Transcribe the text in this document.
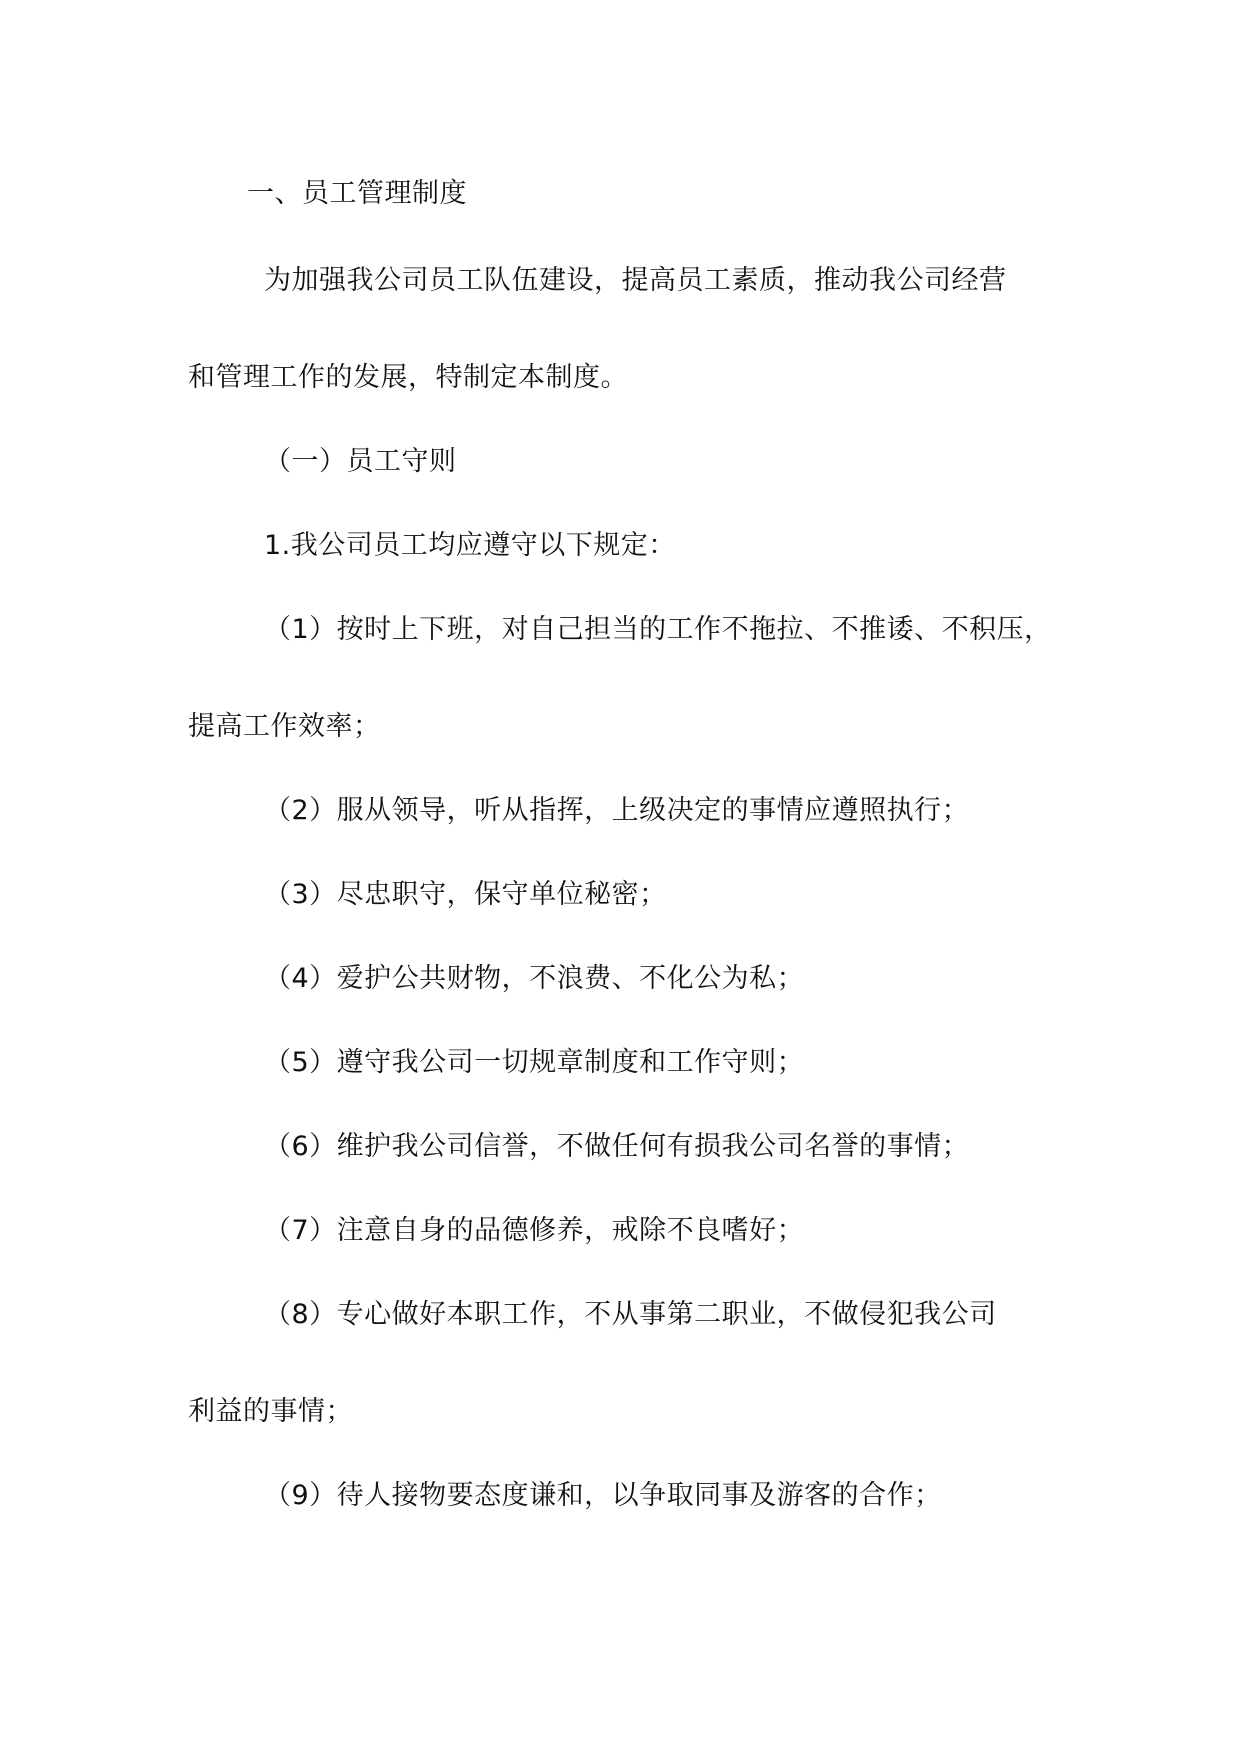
一、员工管理制度
为加强我公司员工队伍建设，提高员工素质，推动我公司经营
和管理工作的发展，特制定本制度。
（一）员工守则
1.我公司员工均应遵守以下规定：
（1）按时上下班，对自己担当的工作不拖拉、不推诿、不积压，
提高工作效率；
（2）服从领导，听从指挥，上级决定的事情应遵照执行；
（3）尽忠职守，保守单位秘密；
（4）爱护公共财物，不浪费、不化公为私；
（5）遵守我公司一切规章制度和工作守则；
（6）维护我公司信誉，不做任何有损我公司名誉的事情；
（7）注意自身的品德修养，戒除不良嗜好；
（8）专心做好本职工作，不从事第二职业，不做侵犯我公司
利益的事情；
（9）待人接物要态度谦和，以争取同事及游客的合作；
